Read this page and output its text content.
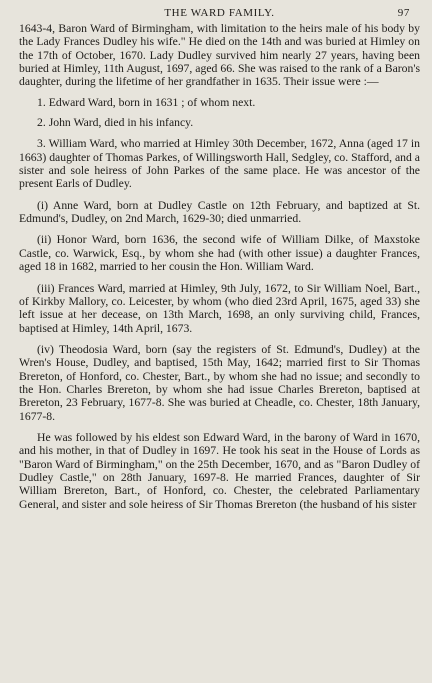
THE WARD FAMILY.	97

1643-4, Baron Ward of Birmingham, with limitation to the heirs male of his body by the Lady Frances Dudley his wife." He died on the 14th and was buried at Himley on the 17th of October, 1670. Lady Dudley survived him nearly 27 years, having been buried at Himley, 11th August, 1697, aged 66. She was raised to the rank of a Baron's daughter, during the lifetime of her grandfather in 1635. Their issue were :—

1. Edward Ward, born in 1631 ; of whom next.

2. John Ward, died in his infancy.

3. William Ward, who married at Himley 30th December, 1672, Anna (aged 17 in 1663) daughter of Thomas Parkes, of Willingsworth Hall, Sedgley, co. Stafford, and a sister and sole heiress of John Parkes of the same place. He was ancestor of the present Earls of Dudley.

(i) Anne Ward, born at Dudley Castle on 12th February, and baptized at St. Edmund's, Dudley, on 2nd March, 1629-30; died unmarried.

(ii) Honor Ward, born 1636, the second wife of William Dilke, of Maxstoke Castle, co. Warwick, Esq., by whom she had (with other issue) a daughter Frances, aged 18 in 1682, married to her cousin the Hon. William Ward.

(iii) Frances Ward, married at Himley, 9th July, 1672, to Sir William Noel, Bart., of Kirkby Mallory, co. Leicester, by whom (who died 23rd April, 1675, aged 33) she left issue at her decease, on 13th March, 1698, an only surviving child, Frances, baptised at Himley, 14th April, 1673.

(iv) Theodosia Ward, born (say the registers of St. Edmund's, Dudley) at the Wren's House, Dudley, and baptised, 15th May, 1642; married first to Sir Thomas Brereton, of Honford, co. Chester, Bart., by whom she had no issue; and secondly to the Hon. Charles Brereton, by whom she had issue Charles Brereton, baptised at Brereton, 23 February, 1677-8. She was buried at Cheadle, co. Chester, 18th January, 1677-8.

He was followed by his eldest son Edward Ward, in the barony of Ward in 1670, and his mother, in that of Dudley in 1697. He took his seat in the House of Lords as "Baron Ward of Birmingham," on the 25th December, 1670, and as "Baron Dudley of Dudley Castle," on 28th January, 1697-8. He married Frances, daughter of Sir William Brereton, Bart., of Honford, co. Chester, the celebrated Parliamentary General, and sister and sole heiress of Sir Thomas Brereton (the husband of his sister
